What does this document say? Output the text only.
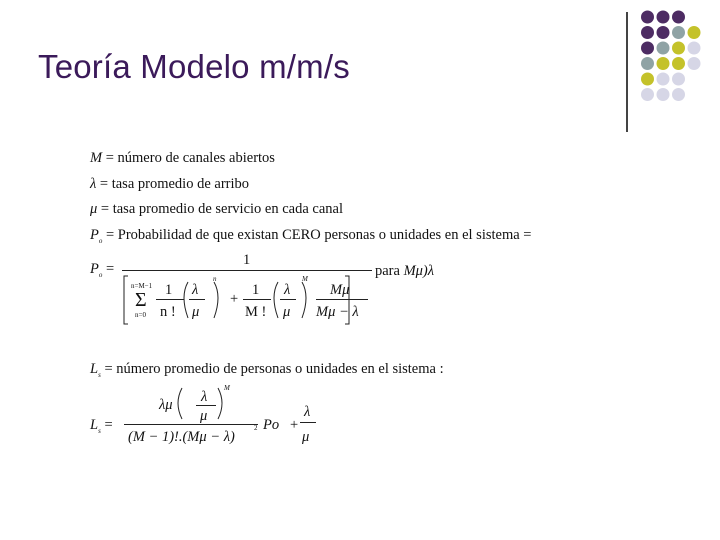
Teoría Modelo m/m/s
M = número de canales abiertos
λ = tasa promedio de arribo
μ = tasa promedio de servicio en cada canal
$P_o$ = Probabilidad de que existan CERO personas o unidades en el sistema =
$P_o$ =
1
n=M−1
Σ
n=0
1
n !
λ
μ
n
+
1
M !
λ
μ
M
Mμ
Mμ − λ
para Mμ)λ
$L_s$ = número promedio de personas o unidades en el sistema :
$L_s$ =
λμ λ
μ
M
(M − 1)!.(Mμ − λ)
2 Po +
λ
μ
